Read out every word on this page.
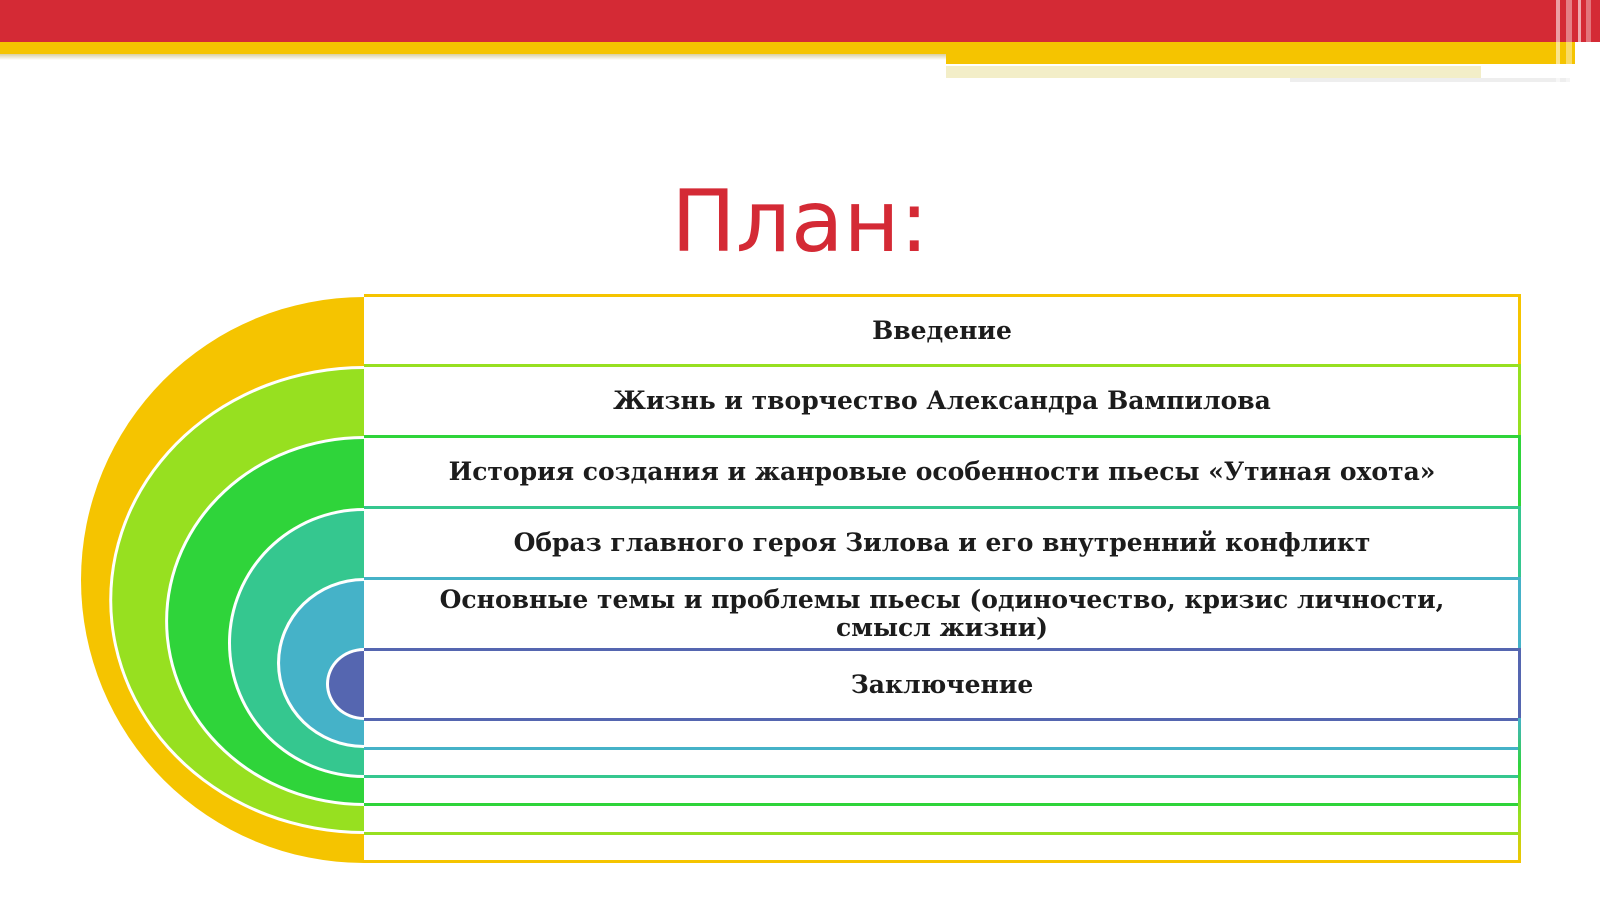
План:
Введение
Жизнь и творчество Александра Вампилова
История создания и жанровые особенности пьесы «Утиная охота»
Образ главного героя Зилова и его внутренний конфликт
Основные темы и проблемы пьесы (одиночество, кризис личности, смысл жизни)
Заключение
